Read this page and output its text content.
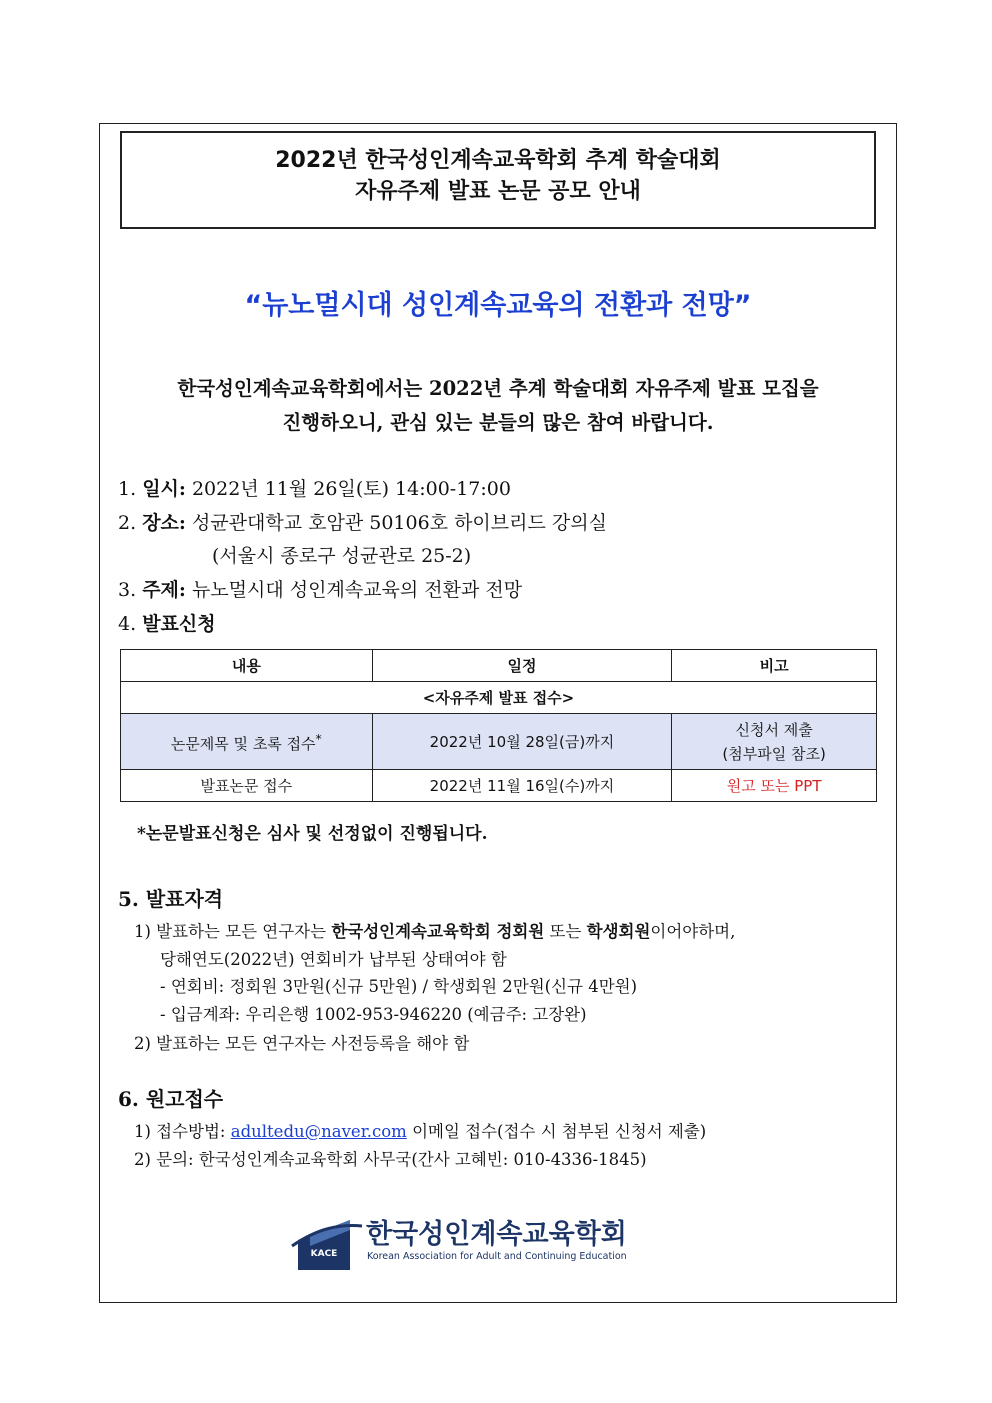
2022년 한국성인계속교육학회 추계 학술대회
자유주제 발표 논문 공모 안내
“뉴노멀시대 성인계속교육의 전환과 전망”
한국성인계속교육학회에서는 2022년 추계 학술대회 자유주제 발표 모집을
진행하오니, 관심 있는 분들의 많은 참여 바랍니다.
1. 일시: 2022년 11월 26일(토) 14:00-17:00
2. 장소: 성균관대학교 호암관 50106호 하이브리드 강의실
(서울시 종로구 성균관로 25-2)
3. 주제: 뉴노멀시대 성인계속교육의 전환과 전망
4. 발표신청
내용	일정	비고
<자유주제 발표 접수>		
논문제목 및 초록 접수*	2022년 10월 28일(금)까지	신청서 제출
(첨부파일 참조)

발표논문 접수	2022년 11월 16일(수)까지	원고 또는 PPT
*논문발표신청은 심사 및 선정없이 진행됩니다.
5. 발표자격
1) 발표하는 모든 연구자는 한국성인계속교육학회 정회원 또는 학생회원이어야하며,
당해연도(2022년) 연회비가 납부된 상태여야 함
- 연회비: 정회원 3만원(신규 5만원) / 학생회원 2만원(신규 4만원)
- 입금계좌: 우리은행 1002-953-946220 (예금주: 고장완)
2) 발표하는 모든 연구자는 사전등록을 해야 함
6. 원고접수
1) 접수방법: adultedu@naver.com 이메일 접수(접수 시 첨부된 신청서 제출)
2) 문의: 한국성인계속교육학회 사무국(간사 고혜빈: 010-4336-1845)
KACE
한국성인계속교육학회
Korean Association for Adult and Continuing Education
